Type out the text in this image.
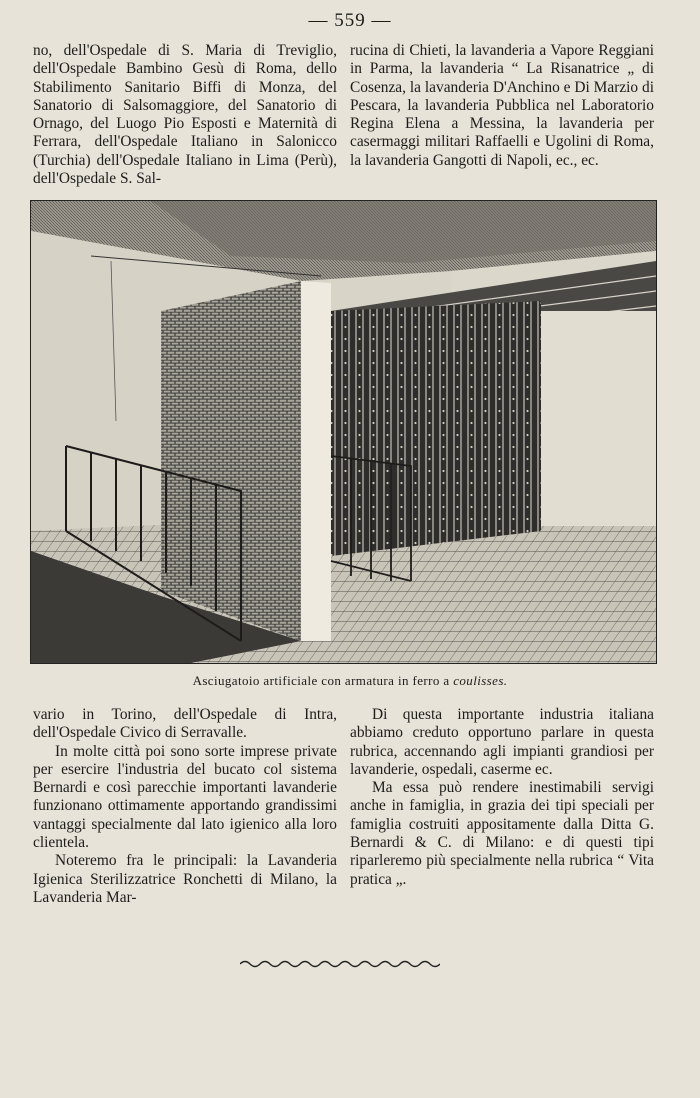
— 559 —

no, dell'Ospedale di S. Maria di Treviglio, dell'Ospedale Bambino Gesù di Roma, dello Stabilimento Sanitario Biffi di Monza, del Sanatorio di Salsomaggiore, del Sanatorio di Ornago, del Luogo Pio Esposti e Maternità di Ferrara, dell'Ospedale Italiano in Salonicco (Turchia) dell'Ospedale Italiano in Lima (Perù), dell'Ospedale S. Sal-

rucina di Chieti, la lavanderia a Vapore Reggiani in Parma, la lavanderia “ La Risanatrice „ di Cosenza, la lavanderia D'Anchino e Di Marzio di Pescara, la lavanderia Pubblica nel Laboratorio Regina Elena a Messina, la lavanderia per casermaggi militari Raffaelli e Ugolini di Roma, la lavanderia Gangotti di Napoli, ec., ec.

Asciugatoio artificiale con armatura in ferro a coulisses.

vario in Torino, dell'Ospedale di Intra, dell'Ospedale Civico di Serravalle.

In molte città poi sono sorte imprese private per esercire l'industria del bucato col sistema Bernardi e così parecchie importanti lavanderie funzionano ottimamente apportando grandissimi vantaggi specialmente dal lato igienico alla loro clientela.

Noteremo fra le principali: la Lavanderia Igienica Sterilizzatrice Ronchetti di Milano, la Lavanderia Mar-

Di questa importante industria italiana abbiamo creduto opportuno parlare in questa rubrica, accennando agli impianti grandiosi per lavanderie, ospedali, caserme ec.

Ma essa può rendere inestimabili servigi anche in famiglia, in grazia dei tipi speciali per famiglia costruiti appositamente dalla Ditta G. Bernardi & C. di Milano: e di questi tipi riparleremo più specialmente nella rubrica “ Vita pratica „.
